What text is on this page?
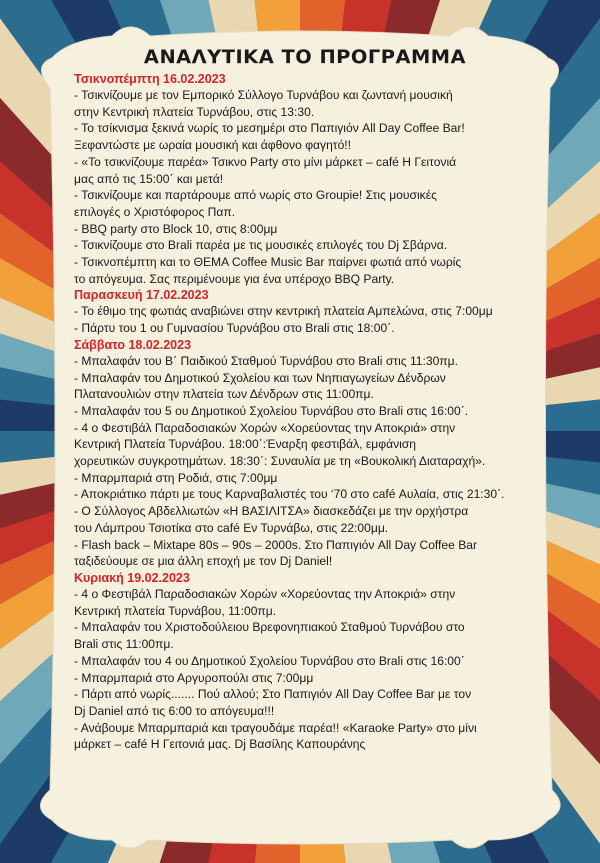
ΑΝΑΛΥΤΙΚΑ ΤΟ ΠΡΟΓΡΑΜΜΑ
Τσικνοπέμπτη 16.02.2023
- Τσικνίζουμε με τον Εμπορικό Σύλλογο Τυρνάβου και ζωντανή μουσική
στην Κεντρική πλατεία Τυρνάβου, στις 13:30.
- Το τσίκνισμα ξεκινά νωρίς το μεσημέρι στο Παπιγιόν All Day Coffee Bar!
Ξεφαντώστε με ωραία μουσική και άφθονο φαγητό!!
- «Το τσικνίζουμε παρέα» Τσικνο Party στο μίνι μάρκετ – café Η Γειτονιά
μας από τις 15:00΄ και μετά!
- Τσικνίζουμε και παρτάρουμε από νωρίς στο Groupie! Στις μουσικές
επιλογές ο Χριστόφορος Παπ.
- BBQ party στο Block 10, στις 8:00μμ
- Τσικνίζουμε στο Brali παρέα με τις μουσικές επιλογές του Dj Σβάρνα.
- Τσικνοπέμπτη και το ΘΕΜΑ Coffee Music Bar παίρνει φωτιά από νωρίς
το απόγευμα. Σας περιμένουμε για ένα υπέροχο BBQ Party.
Παρασκευή 17.02.2023
- Το έθιμο της φωτιάς αναβιώνει στην κεντρική πλατεία Αμπελώνα, στις 7:00μμ
- Πάρτυ του 1 ου Γυμνασίου Τυρνάβου στο Brali στις 18:00΄.
Σάββατο 18.02.2023
- Μπαλαφάν του Β΄ Παιδικού Σταθμού Τυρνάβου στο Brali στις 11:30πμ.
- Μπαλαφάν του Δημοτικού Σχολείου και των Νηπιαγωγείων Δένδρων
Πλατανουλιών στην πλατεία των Δένδρων στις 11:00πμ.
- Μπαλαφάν του 5 ου Δημοτικού Σχολείου Τυρνάβου στο Brali στις 16:00΄.
- 4 ο Φεστιβάλ Παραδοσιακών Χορών «Χορεύοντας την Αποκριά» στην
Κεντρική Πλατεία Τυρνάβου. 18:00΄:Έναρξη φεστιβάλ, εμφάνιση
χορευτικών συγκροτημάτων. 18:30΄: Συναυλία με τη «Βουκολική Διαταραχή».
- Μπαρμπαριά στη Ροδιά, στις 7:00μμ
- Αποκριάτικο πάρτι με τους Καρναβαλιστές του ‘70 στο café Αυλαία, στις 21:30΄.
- Ο Σύλλογος Αβδελλιωτών «Η ΒΑΣΙΛΙΤΣΑ» διασκεδάζει με την ορχήστρα
του Λάμπρου Τσιοτίκα στο café Εν Τυρνάβω, στις 22:00μμ.
- Flash back – Mixtape 80s – 90s – 2000s. Στο Παπιγιόν All Day Coffee Bar
ταξιδεύουμε σε μια άλλη εποχή με τον Dj Daniel!
Κυριακή 19.02.2023
- 4 ο Φεστιβάλ Παραδοσιακών Χορών «Χορεύοντας την Αποκριά» στην
Κεντρική πλατεία Τυρνάβου, 11:00πμ.
- Μπαλαφάν του Χριστοδούλειου Βρεφονηπιακού Σταθμού Τυρνάβου στο
Brali στις 11:00πμ.
- Μπαλαφάν του 4 ου Δημοτικού Σχολείου Τυρνάβου στο Brali στις 16:00΄
- Μπαρμπαριά στο Αργυροπούλι στις 7:00μμ
- Πάρτι από νωρίς....... Πού αλλού; Στο Παπιγιόν All Day Coffee Bar με τον
Dj Daniel από τις 6:00 το απόγευμα!!!
- Ανάβουμε Μπαρμπαριά και τραγουδάμε παρέα!! «Karaoke Party» στο μίνι
μάρκετ – café Η Γειτονιά μας. Dj Βασίλης Καπουράνης
